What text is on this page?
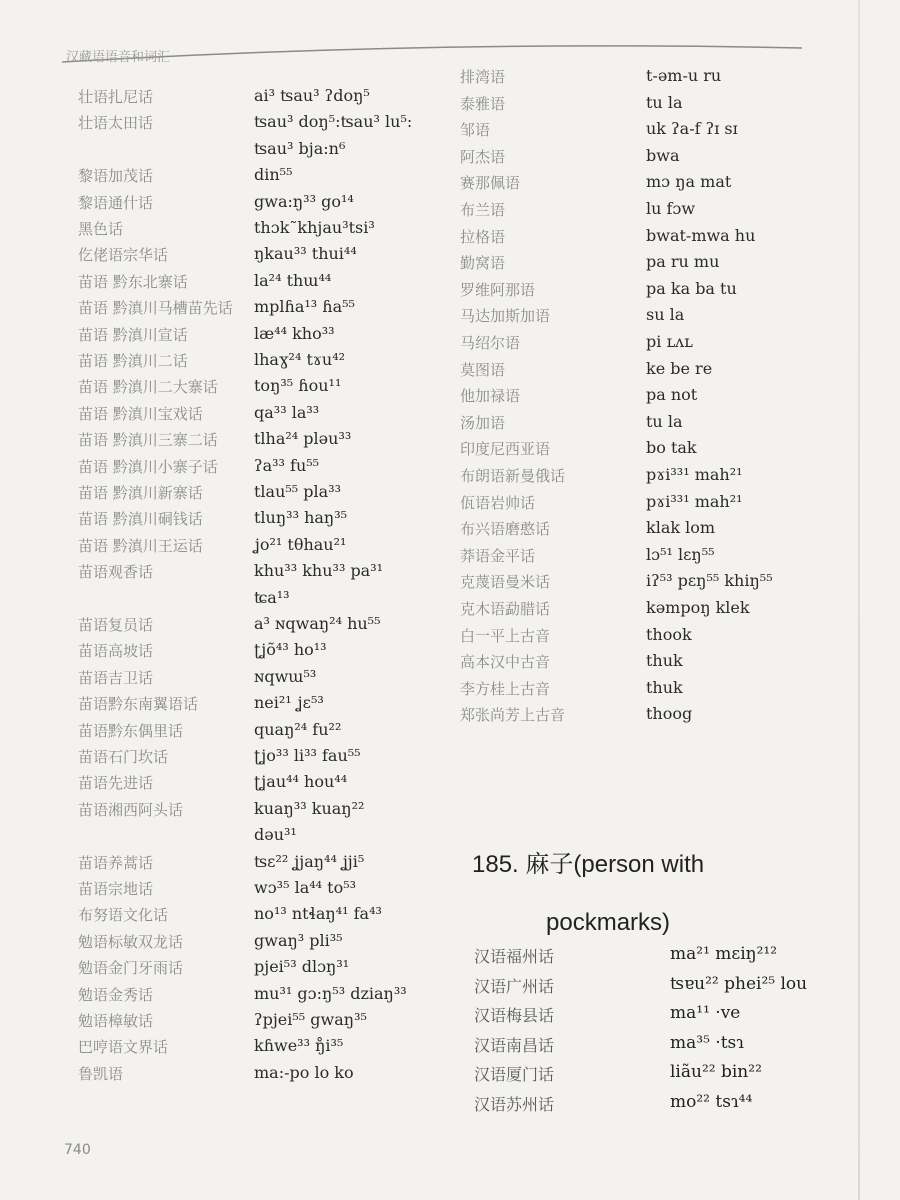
汉藏语语音和词汇
壮语扎尼话	ai³ ʦau³ ʔdoŋ⁵
壮语太田话	ʦau³ doŋ⁵:ʦau³ lu⁵:
ʦau³ bja:n⁶
黎语加茂话	din⁵⁵
黎语通什话	gwa:ŋ³³ go¹⁴
黑色话	thɔk˜khjau³tsi³
仡佬语宗华话	ŋkau³³ thui⁴⁴
苗语 黔东北寨话	la²⁴ thɯ⁴⁴
苗语 黔滇川马槽苗先话 mplɦa¹³ ɦa⁵⁵
苗语 黔滇川宣话	læ⁴⁴ kho³³
苗语 黔滇川二话	lhaɣ²⁴ tɤu⁴²
苗语 黔滇川二大寨话 toŋ³⁵ ɦou¹¹
苗语 黔滇川宝戏话	qa³³ la³³
苗语 黔滇川三寨二话 tlha²⁴ pləu³³
苗语 黔滇川小寨子话 ʔa³³ fu⁵⁵
苗语 黔滇川新寨话	tlau⁵⁵ pla³³
苗语 黔滇川硐钱话	tluŋ³³ haŋ³⁵
苗语 黔滇川王运话	ʝo²¹ tθhau²¹
苗语观香话	khu³³ khu³³ pa³¹
ʨa¹³
苗语复员话	a³ ɴqwaŋ²⁴ hu⁵⁵
苗语高坡话	ʈʝõ⁴³ ho¹³
苗语吉卫话	ɴqwɯ⁵³
苗语黔东南翼语话	nei²¹ ʝɛ⁵³
苗语黔东偶里话	quaŋ²⁴ fu²²
苗语石门坎话	ʈʝo³³ li³³ fau⁵⁵
苗语先进话	ʈʝau⁴⁴ hou⁴⁴
苗语湘西阿头话	kuaŋ³³ kuaŋ²²
dəu³¹
苗语养蒿话	ʦɛ²² ʝjaŋ⁴⁴ ʝji⁵
苗语宗地话	wɔ³⁵ la⁴⁴ to⁵³
布努语文化话	no¹³ ntɬaŋ⁴¹ fa⁴³
勉语标敏双龙话	gwaŋ³ pli³⁵
勉语金门牙雨话	pjei⁵³ dlɔŋ³¹
勉语金秀话	mu³¹ gɔ:ŋ⁵³ dziaŋ³³
勉语樟敏话	ʔpjei⁵⁵ gwaŋ³⁵
巴哼语文界话	kɦwe³³ ŋ̊i³⁵
鲁凯语	ma:-po lo ko
排湾语	t-əm-u ru
泰雅语	tu la
邹语	uk ʔa-f ʔɪ sɪ
阿杰语	bwa
赛那佩语	mɔ ŋa mat
布兰语	lu fɔw
拉格语	bwat-mwa hu
勤窝语	pa ru mu
罗维阿那语	pa ka ba tu
马达加斯加语	su la
马绍尔语	pi ʟʌʟ
莫图语	ke be re
他加禄语	pa not
汤加语	tu la
印度尼西亚语	bo tak
布朗语新曼俄话	pɤi³³¹ mah²¹
佤语岩帅话	pɤi³³¹ mah²¹
布兴语磨憨话	klak lom
莽语金平话	lɔ⁵¹ lɛŋ⁵⁵
克蔑语曼米话	iʔ⁵³ pɛŋ⁵⁵ khiŋ⁵⁵
克木语勐腊话	kəmpoŋ klek
白一平上古音	thook
高本汉中古音	thuk
李方桂上古音	thuk
郑张尚芳上古音	thoog
185. 麻子(person with
pockmarks)
汉语福州话	ma²¹ mɛiŋ²¹²
汉语广州话	ʦɐu²² phei²⁵ lou
汉语梅县话	ma¹¹ ·ve
汉语南昌话	ma³⁵ ·tsɿ
汉语厦门话	liãu²² bin²²
汉语苏州话	mo²² tsɿ⁴⁴
740
